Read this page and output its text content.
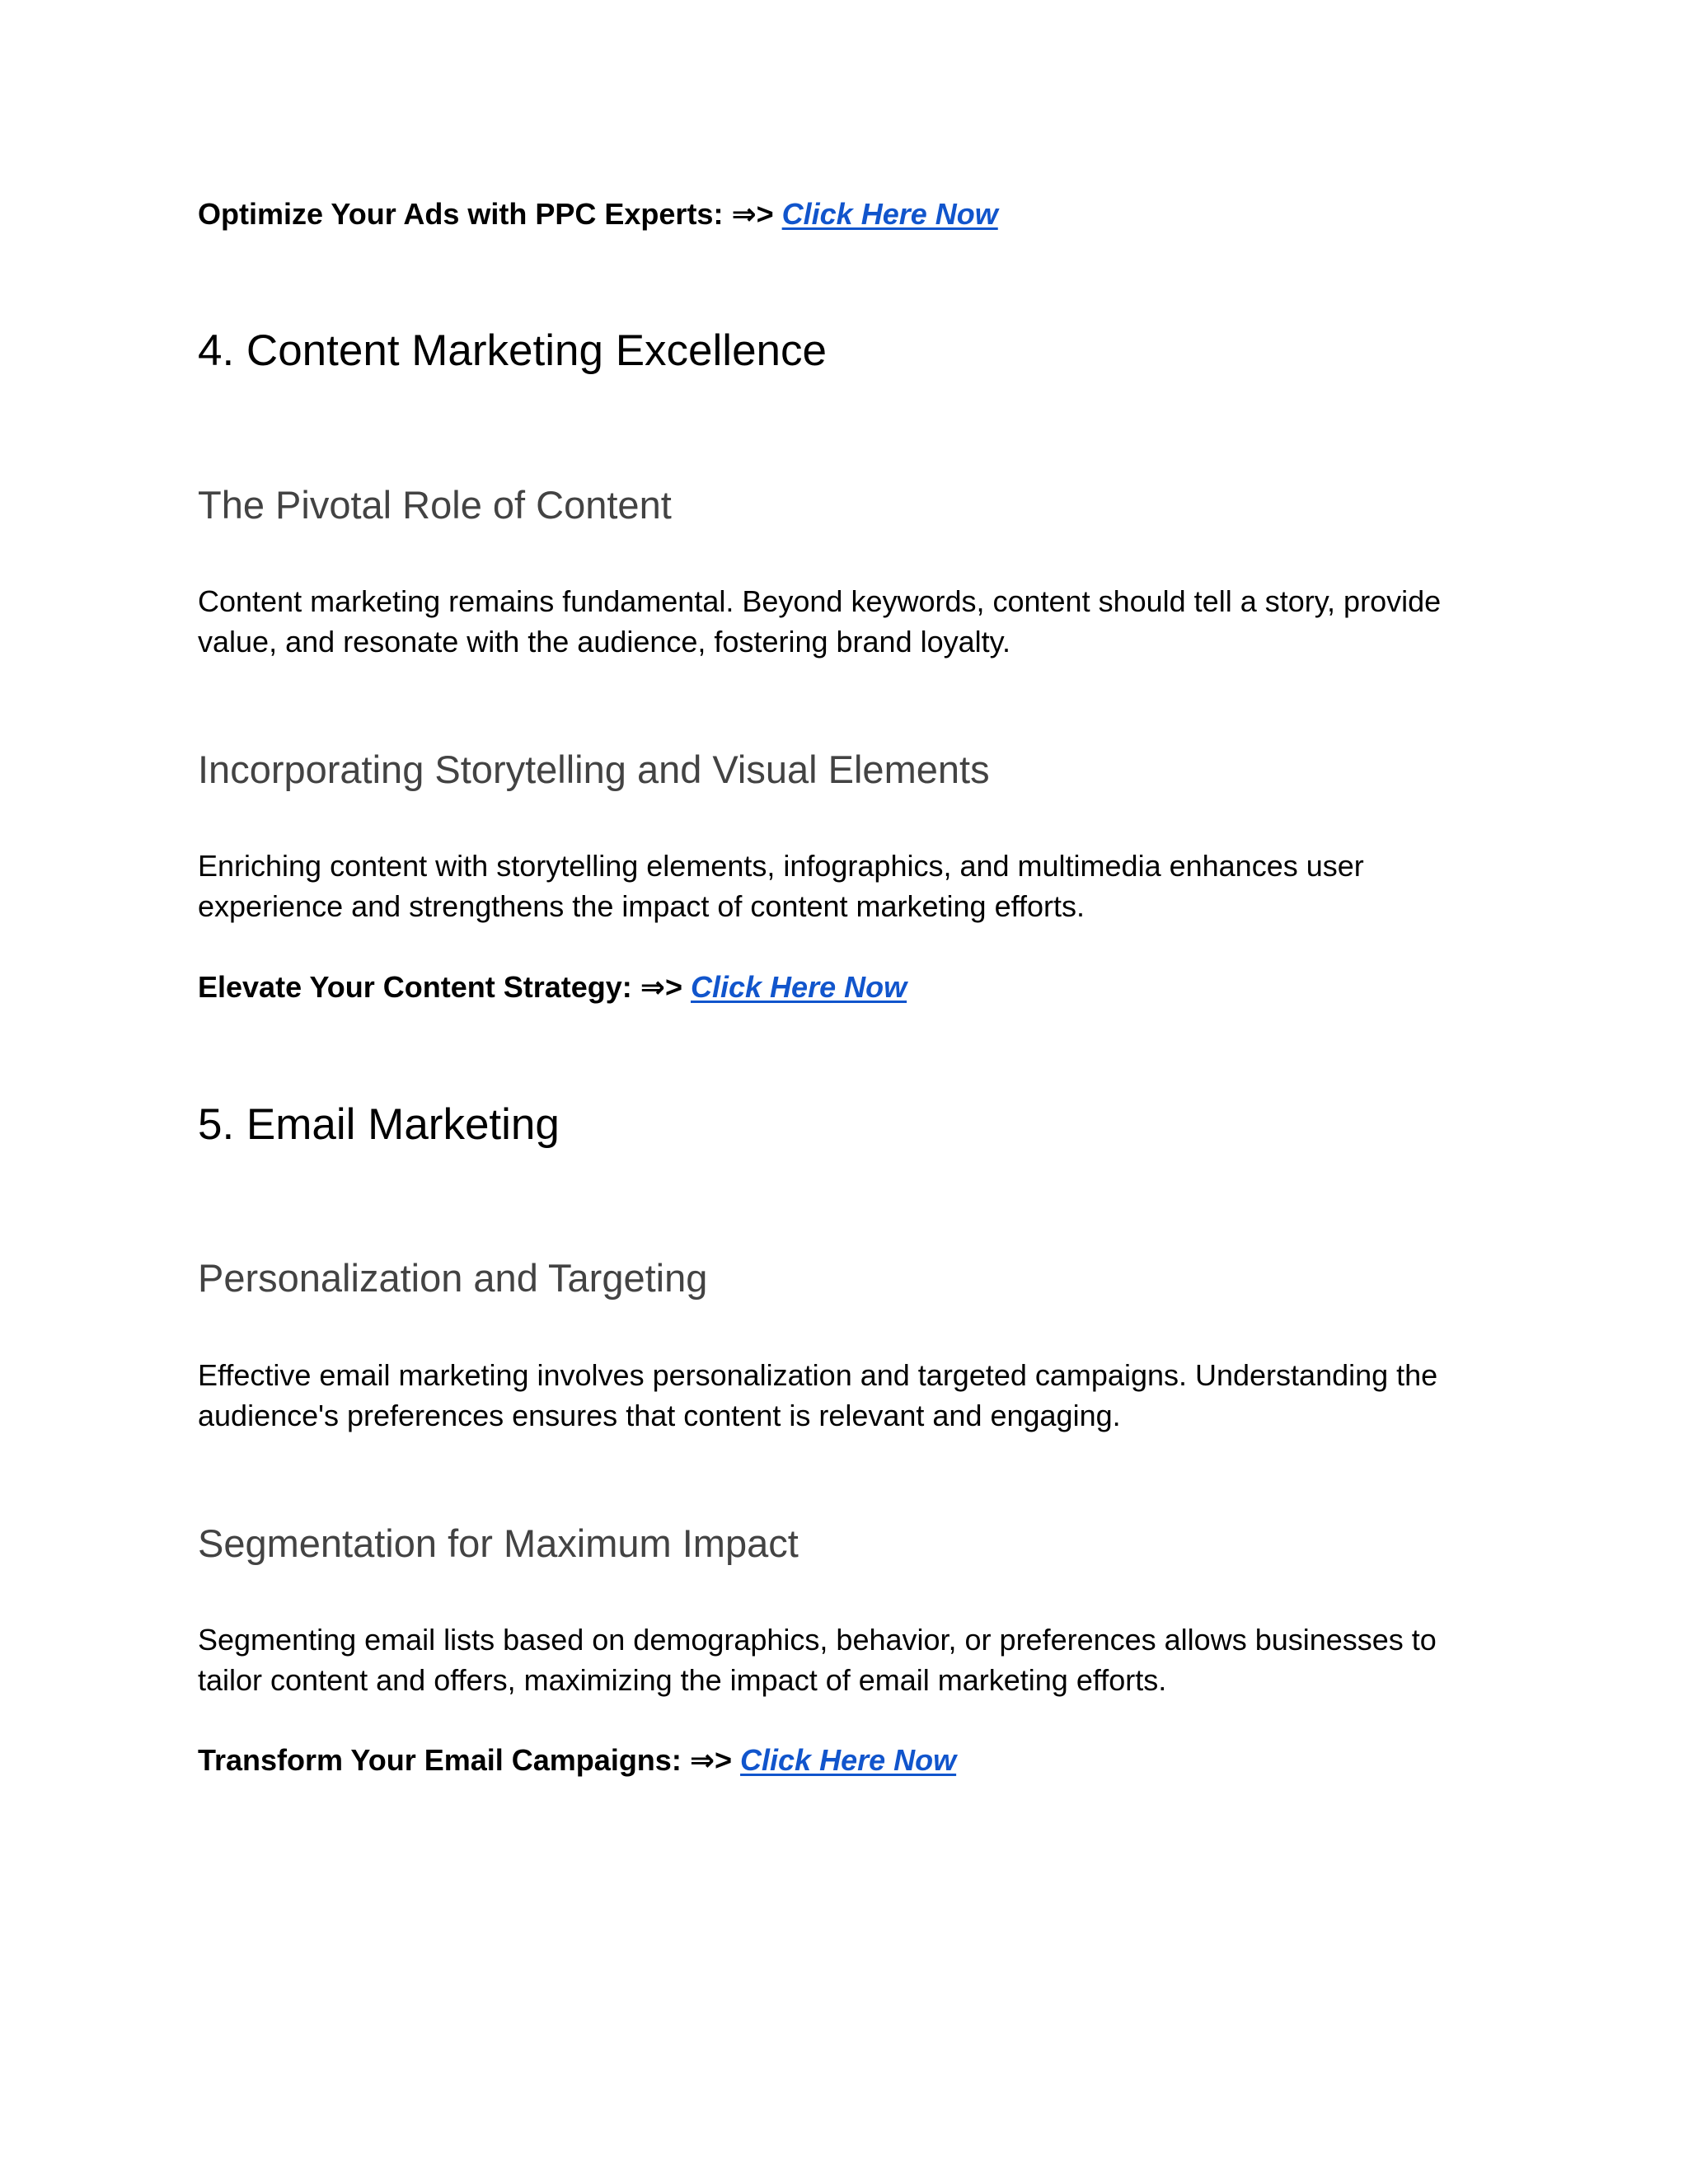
Optimize Your Ads with PPC Experts: ⇒> Click Here Now

4. Content Marketing Excellence
The Pivotal Role of Content

Content marketing remains fundamental. Beyond keywords, content should tell a story, provide value, and resonate with the audience, fostering brand loyalty.

Incorporating Storytelling and Visual Elements

Enriching content with storytelling elements, infographics, and multimedia enhances user experience and strengthens the impact of content marketing efforts.

Elevate Your Content Strategy: ⇒> Click Here Now

5. Email Marketing
Personalization and Targeting

Effective email marketing involves personalization and targeted campaigns. Understanding the audience's preferences ensures that content is relevant and engaging.

Segmentation for Maximum Impact

Segmenting email lists based on demographics, behavior, or preferences allows businesses to tailor content and offers, maximizing the impact of email marketing efforts.

Transform Your Email Campaigns: ⇒> Click Here Now
